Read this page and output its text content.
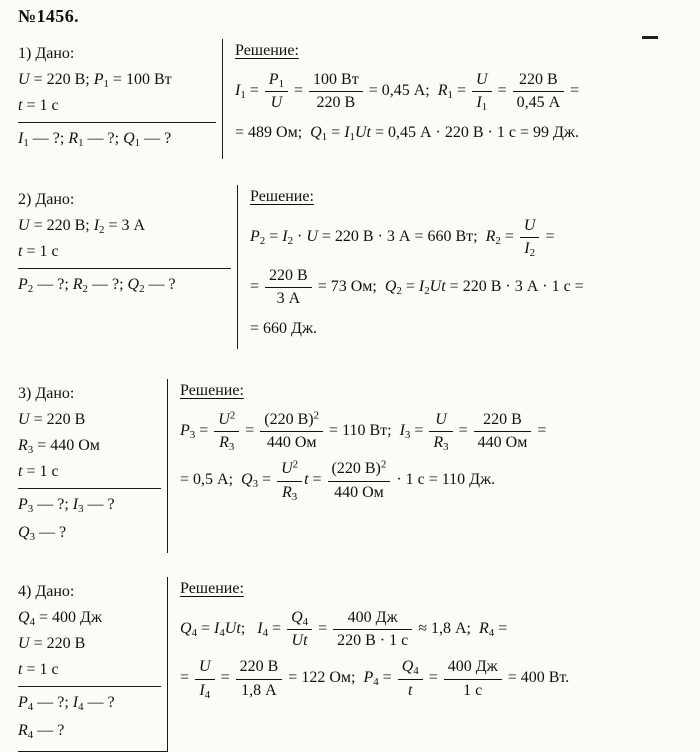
№1456.
1) Дано:
U = 220 В; $P_1 = 100$ Вт
t = 1 с
$I_1$ — ?; $R_1$ — ?; $Q_1$ — ?
Решение:
$I_1 = \frac{P_1}{U} = \frac{100 Вт}{220 В} = 0,45$ А;  $R_1 = \frac{U}{I_1} = \frac{220 В}{0,45 А}$ =
= 489 Ом;  $Q_1 = I_1Ut = 0,45$ А · 220 В · 1 с = 99 Дж.
2) Дано:
U = 220 В; $I_2 = 3$ А
t = 1 с
$P_2$ — ?; $R_2$ — ?; $Q_2$ — ?
Решение:
$P_2 = I_2 \cdot U = 220$ В · 3 А = 660 Вт;  $R_2 = \frac{U}{I_2}$ =
= $\frac{220 В}{3 А} = 73$ Ом;  $Q_2 = I_2Ut = 220$ В · 3 А · 1 с =
= 660 Дж.
3) Дано:
U = 220 В
$R_3 = 440$ Ом
t = 1 с
$P_3$ — ?; $I_3$ — ?
$Q_3$ — ?
Решение:
$P_3 = \frac{U^2}{R_3} = \frac{(220 В)^2}{440 Ом} = 110$ Вт;  $I_3 = \frac{U}{R_3} = \frac{220 В}{440 Ом}$ =
= 0,5 А;  $Q_3 = \frac{U^2}{R_3}$ $t = \frac{(220 В)^2}{440 Ом} \cdot 1$ с = 110 Дж.
4) Дано:
$Q_4 = 400$ Дж
U = 220 В
t = 1 с
$P_4$ — ?; $I_4$ — ?
$R_4$ — ?
Решение:
$Q_4 = I_4Ut$;   $I_4 = \frac{Q_4}{Ut} = \frac{400 Дж}{220 В \cdot 1 с} \approx 1,8$ А;  $R_4$ =
= $\frac{U}{I_4} = \frac{220 В}{1,8 А} = 122$ Ом;  $P_4 = \frac{Q_4}{t} = \frac{400 Дж}{1 с} = 400$ Вт.
